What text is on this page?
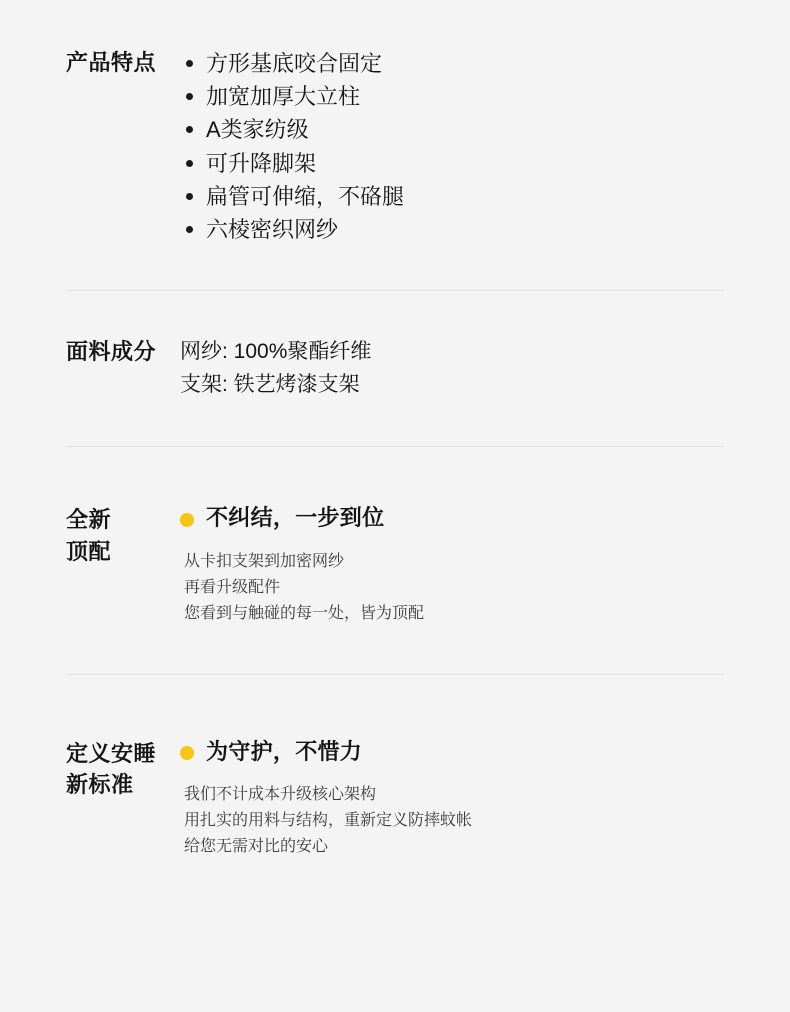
产品特点	方形基底咬合固定
加宽加厚大立柱
A类家纺级
可升降脚架
扁管可伸缩，不硌腿
六棱密织网纱
面料成分	网纱: 100%聚酯纤维
支架: 铁艺烤漆支架
全新
顶配
不纠结，一步到位
从卡扣支架到加密网纱
再看升级配件
您看到与触碰的每一处，皆为顶配
定义安睡
新标准
为守护，不惜力
我们不计成本升级核心架构
用扎实的用料与结构，重新定义防摔蚊帐
给您无需对比的安心
